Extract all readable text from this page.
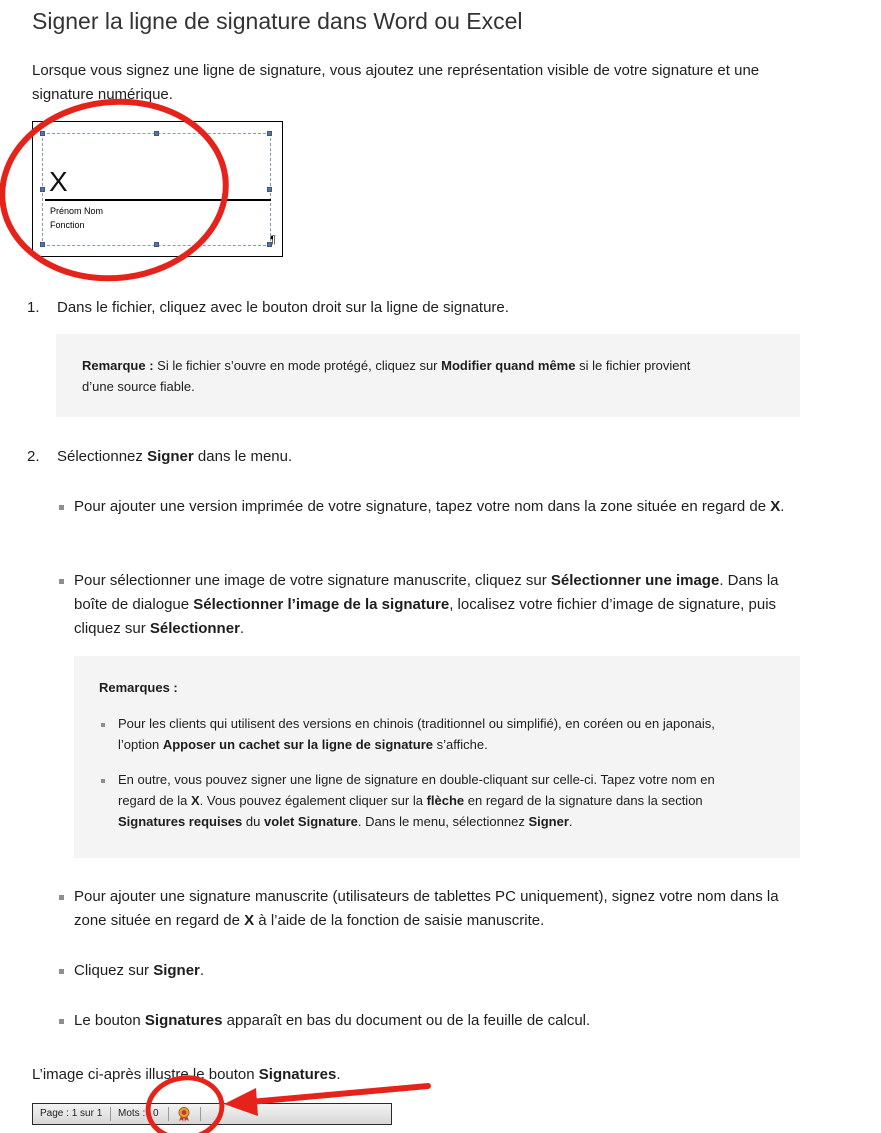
Signer la ligne de signature dans Word ou Excel

Lorsque vous signez une ligne de signature, vous ajoutez une représentation visible de votre signature et une signature numérique.

X
Prénom Nom
Fonction
¶
1. Dans le fichier, cliquez avec le bouton droit sur la ligne de signature.
Remarque : Si le fichier s’ouvre en mode protégé, cliquez sur Modifier quand même si le fichier provient d’une source fiable.
2. Sélectionnez Signer dans le menu.
Pour ajouter une version imprimée de votre signature, tapez votre nom dans la zone située en regard de X.
Pour sélectionner une image de votre signature manuscrite, cliquez sur Sélectionner une image. Dans la boîte de dialogue Sélectionner l’image de la signature, localisez votre fichier d’image de signature, puis cliquez sur Sélectionner.
Remarques :
Pour les clients qui utilisent des versions en chinois (traditionnel ou simplifié), en coréen ou en japonais, l’option Apposer un cachet sur la ligne de signature s’affiche.
En outre, vous pouvez signer une ligne de signature en double-cliquant sur celle-ci. Tapez votre nom en regard de la X. Vous pouvez également cliquer sur la flèche en regard de la signature dans la section Signatures requises du volet Signature. Dans le menu, sélectionnez Signer.
Pour ajouter une signature manuscrite (utilisateurs de tablettes PC uniquement), signez votre nom dans la zone située en regard de X à l’aide de la fonction de saisie manuscrite.
Cliquez sur Signer.
Le bouton Signatures apparaît en bas du document ou de la feuille de calcul.
L’image ci-après illustre le bouton Signatures.
Page : 1 sur 1 Mots : 0
